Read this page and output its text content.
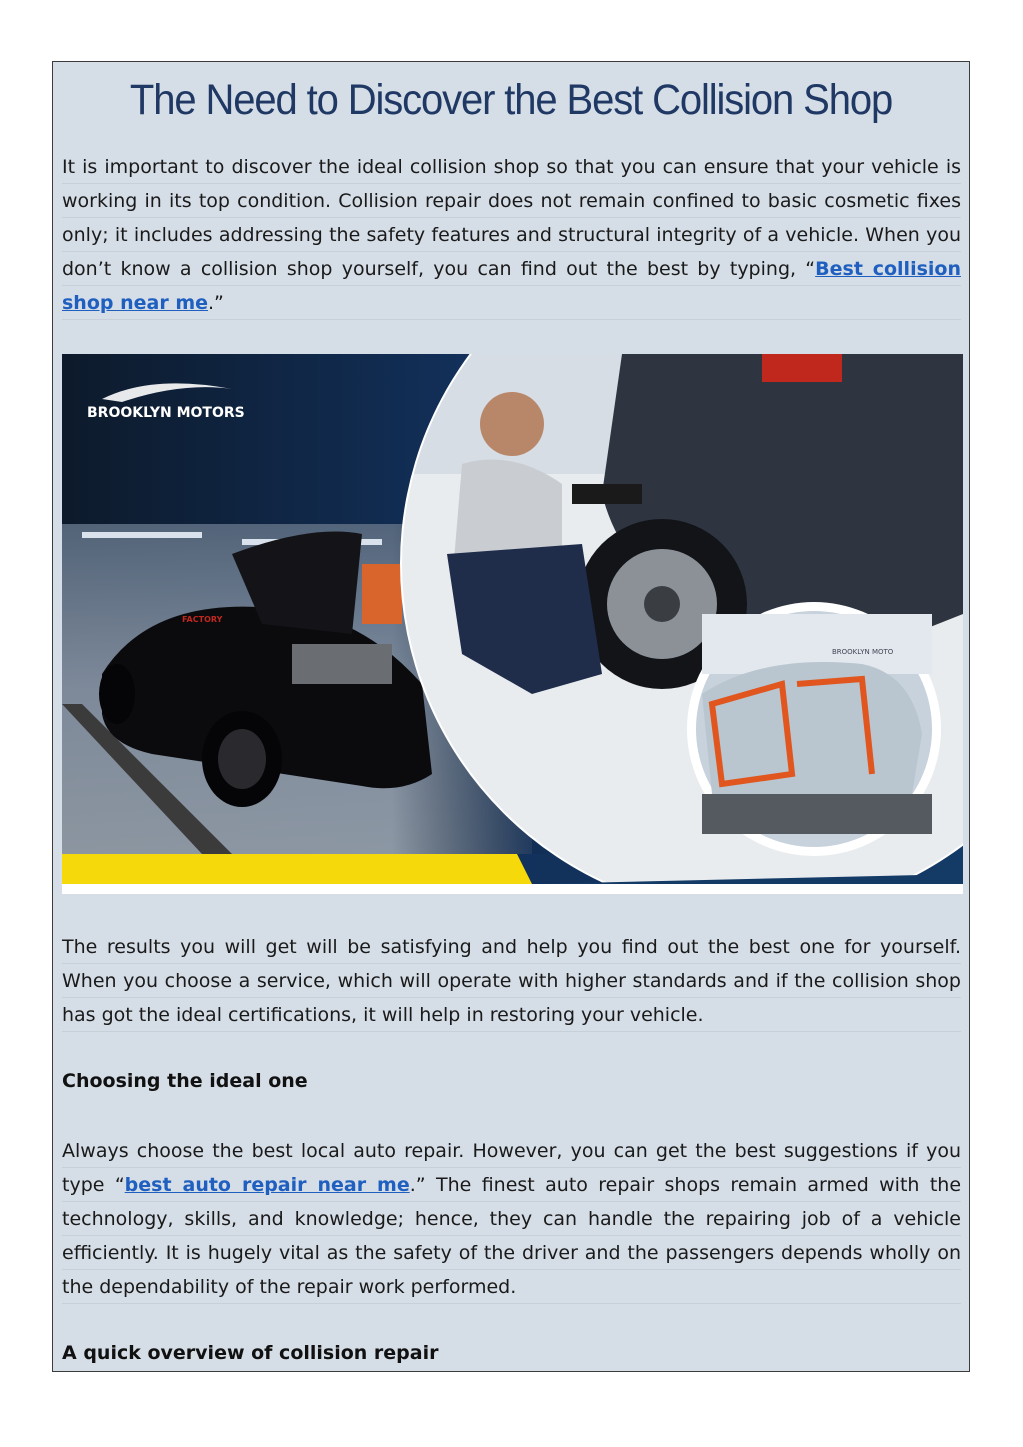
The Need to Discover the Best Collision Shop

It is important to discover the ideal collision shop so that you can ensure that your vehicle is working in its top condition. Collision repair does not remain confined to basic cosmetic fixes only; it includes addressing the safety features and structural integrity of a vehicle. When you don’t know a collision shop yourself, you can find out the best by typing, “Best collision shop near me.”

BROOKLYN MOTORS
BROOKLYN MOTO
FACTORY

The results you will get will be satisfying and help you find out the best one for yourself. When you choose a service, which will operate with higher standards and if the collision shop has got the ideal certifications, it will help in restoring your vehicle.

Choosing the ideal one

Always choose the best local auto repair. However, you can get the best suggestions if you type “best auto repair near me.” The finest auto repair shops remain armed with the technology, skills, and knowledge; hence, they can handle the repairing job of a vehicle efficiently. It is hugely vital as the safety of the driver and the passengers depends wholly on the dependability of the repair work performed.

A quick overview of collision repair
